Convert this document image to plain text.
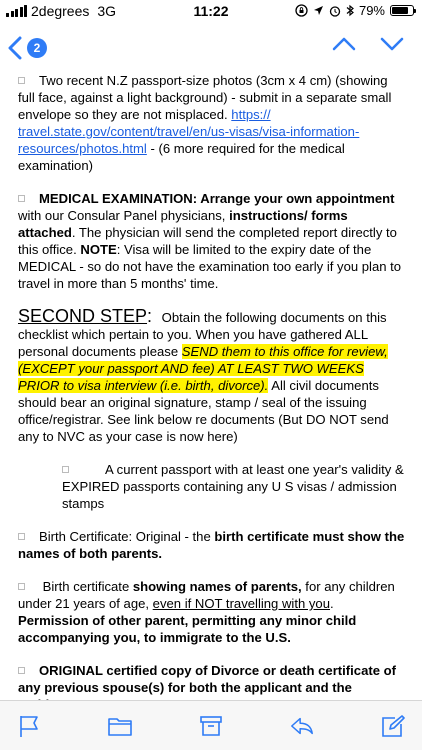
2degrees 3G	11:22	79%
2

Two recent N.Z passport-size photos (3cm x 4 cm) (showing full face, against a light background) - submit in a separate small envelope so they are not misplaced. https:// travel.state.gov/content/travel/en/us-visas/visa-information-resources/photos.html - (6 more required for the medical examination)

MEDICAL EXAMINATION: Arrange your own appointment with our Consular Panel physicians, instructions/ forms attached. The physician will send the completed report directly to this office. NOTE: Visa will be limited to the expiry date of the MEDICAL - so do not have the examination too early if you plan to travel in more than 5 months' time.

SECOND STEP: Obtain the following documents on this checklist which pertain to you. When you have gathered ALL personal documents please SEND them to this office for review, (EXCEPT your passport AND fee) AT LEAST TWO WEEKS PRIOR to visa interview (i.e. birth, divorce). All civil documents should bear an original signature, stamp / seal of the issuing office/registrar. See link below re documents (But DO NOT send any to NVC as your case is now here)

A current passport with at least one year's validity & EXPIRED passports containing any U S visas / admission stamps

Birth Certificate: Original - the birth certificate must show the names of both parents.

Birth certificate showing names of parents, for any children under 21 years of age, even if NOT travelling with you. Permission of other parent, permitting any minor child accompanying you, to immigrate to the U.S.

ORIGINAL certified copy of Divorce or death certificate of any previous spouse(s) for both the applicant and the
